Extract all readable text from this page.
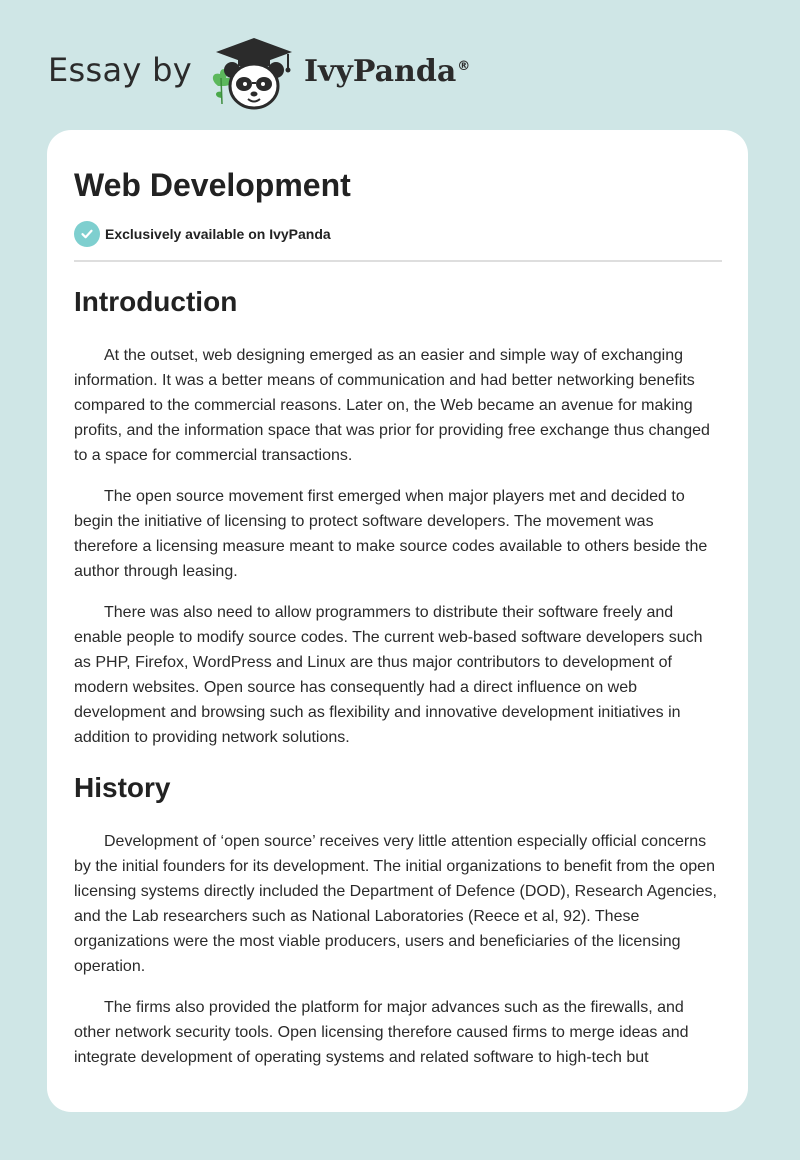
Essay by	IvyPanda®
Web Development
Exclusively available on IvyPanda
Introduction

At the outset, web designing emerged as an easier and simple way of exchanging information. It was a better means of communication and had better networking benefits compared to the commercial reasons. Later on, the Web became an avenue for making profits, and the information space that was prior for providing free exchange thus changed to a space for commercial transactions.

The open source movement first emerged when major players met and decided to begin the initiative of licensing to protect software developers. The movement was therefore a licensing measure meant to make source codes available to others beside the author through leasing.

There was also need to allow programmers to distribute their software freely and enable people to modify source codes. The current web-based software developers such as PHP, Firefox, WordPress and Linux are thus major contributors to development of modern websites. Open source has consequently had a direct influence on web development and browsing such as flexibility and innovative development initiatives in addition to providing network solutions.

History

Development of ‘open source’ receives very little attention especially official concerns by the initial founders for its development. The initial organizations to benefit from the open licensing systems directly included the Department of Defence (DOD), Research Agencies, and the Lab researchers such as National Laboratories (Reece et al, 92). These organizations were the most viable producers, users and beneficiaries of the licensing operation.

The firms also provided the platform for major advances such as the firewalls, and other network security tools. Open licensing therefore caused firms to merge ideas and integrate development of operating systems and related software to high-tech but
